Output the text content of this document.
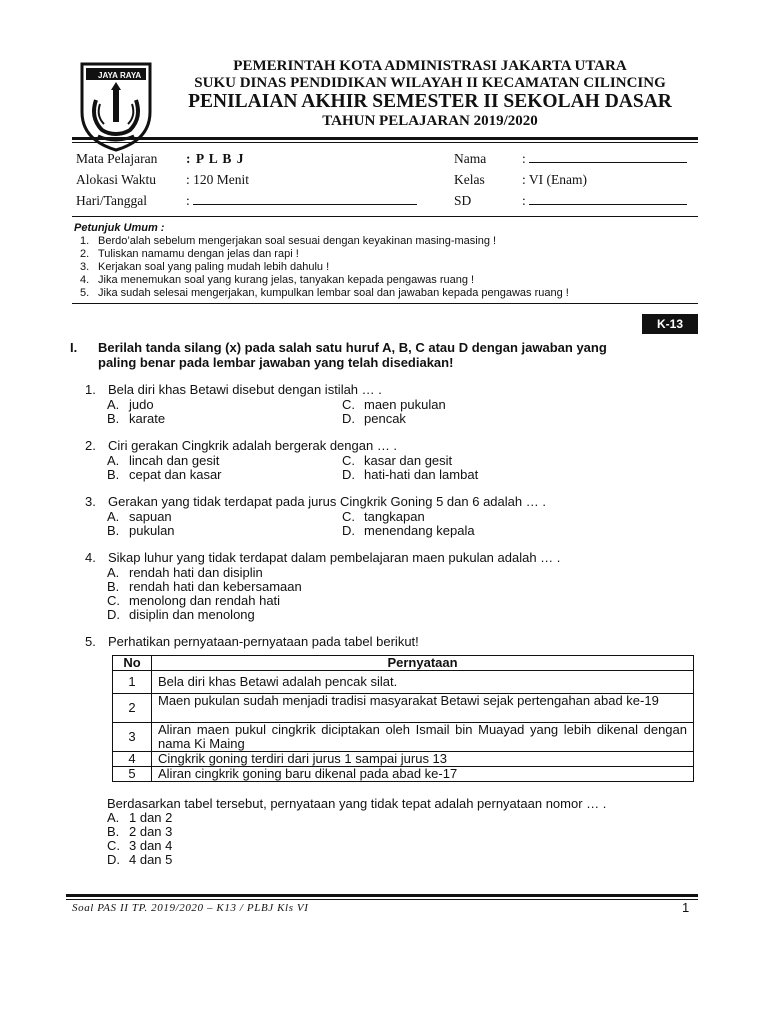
JAYA RAYA
PEMERINTAH KOTA ADMINISTRASI JAKARTA UTARA
SUKU DINAS PENDIDIKAN WILAYAH II KECAMATAN CILINCING
PENILAIAN AKHIR SEMESTER II SEKOLAH DASAR
TAHUN PELAJARAN 2019/2020
Mata Pelajaran : P L B J
Alokasi Waktu : 120 Menit
Hari/Tanggal	:
Nama	:
Kelas	: VI (Enam)
SD	:
Petunjuk Umum :
1. Berdo’alah sebelum mengerjakan soal sesuai dengan keyakinan masing-masing !
2. Tuliskan namamu dengan jelas dan rapi !
3. Kerjakan soal yang paling mudah lebih dahulu !
4. Jika menemukan soal yang kurang jelas, tanyakan kepada pengawas ruang !
5. Jika sudah selesai mengerjakan, kumpulkan lembar soal dan jawaban kepada pengawas ruang !
K-13
I. Berilah tanda silang (x) pada salah satu huruf A, B, C atau D dengan jawaban yang
paling benar pada lembar jawaban yang telah disediakan!
1. Bela diri khas Betawi disebut dengan istilah … .
A. judo	C. maen pukulan
B. karate	D. pencak
2. Ciri gerakan Cingkrik adalah bergerak dengan … .
A. lincah dan gesit	C. kasar dan gesit
B. cepat dan kasar	D. hati-hati dan lambat
3. Gerakan yang tidak terdapat pada jurus Cingkrik Goning 5 dan 6 adalah … .
A. sapuan	C. tangkapan
B. pukulan	D. menendang kepala
4. Sikap luhur yang tidak terdapat dalam pembelajaran maen pukulan adalah … .
A. rendah hati dan disiplin
B. rendah hati dan kebersamaan
C. menolong dan rendah hati
D. disiplin dan menolong
5. Perhatikan pernyataan-pernyataan pada tabel berikut!
No	Pernyataan
1	Bela diri khas Betawi adalah pencak silat.
2	Maen pukulan sudah menjadi tradisi masyarakat Betawi sejak pertengahan abad ke-19
3	Aliran maen pukul cingkrik diciptakan oleh Ismail bin Muayad yang lebih dikenal dengan nama Ki Maing
4	Cingkrik goning terdiri dari jurus 1 sampai jurus 13
5	Aliran cingkrik goning baru dikenal pada abad ke-17
Berdasarkan tabel tersebut, pernyataan yang tidak tepat adalah pernyataan nomor … .
A. 1 dan 2
B. 2 dan 3
C. 3 dan 4
D. 4 dan 5
Soal PAS II TP. 2019/2020 – K13 / PLBJ Kls VI	1
